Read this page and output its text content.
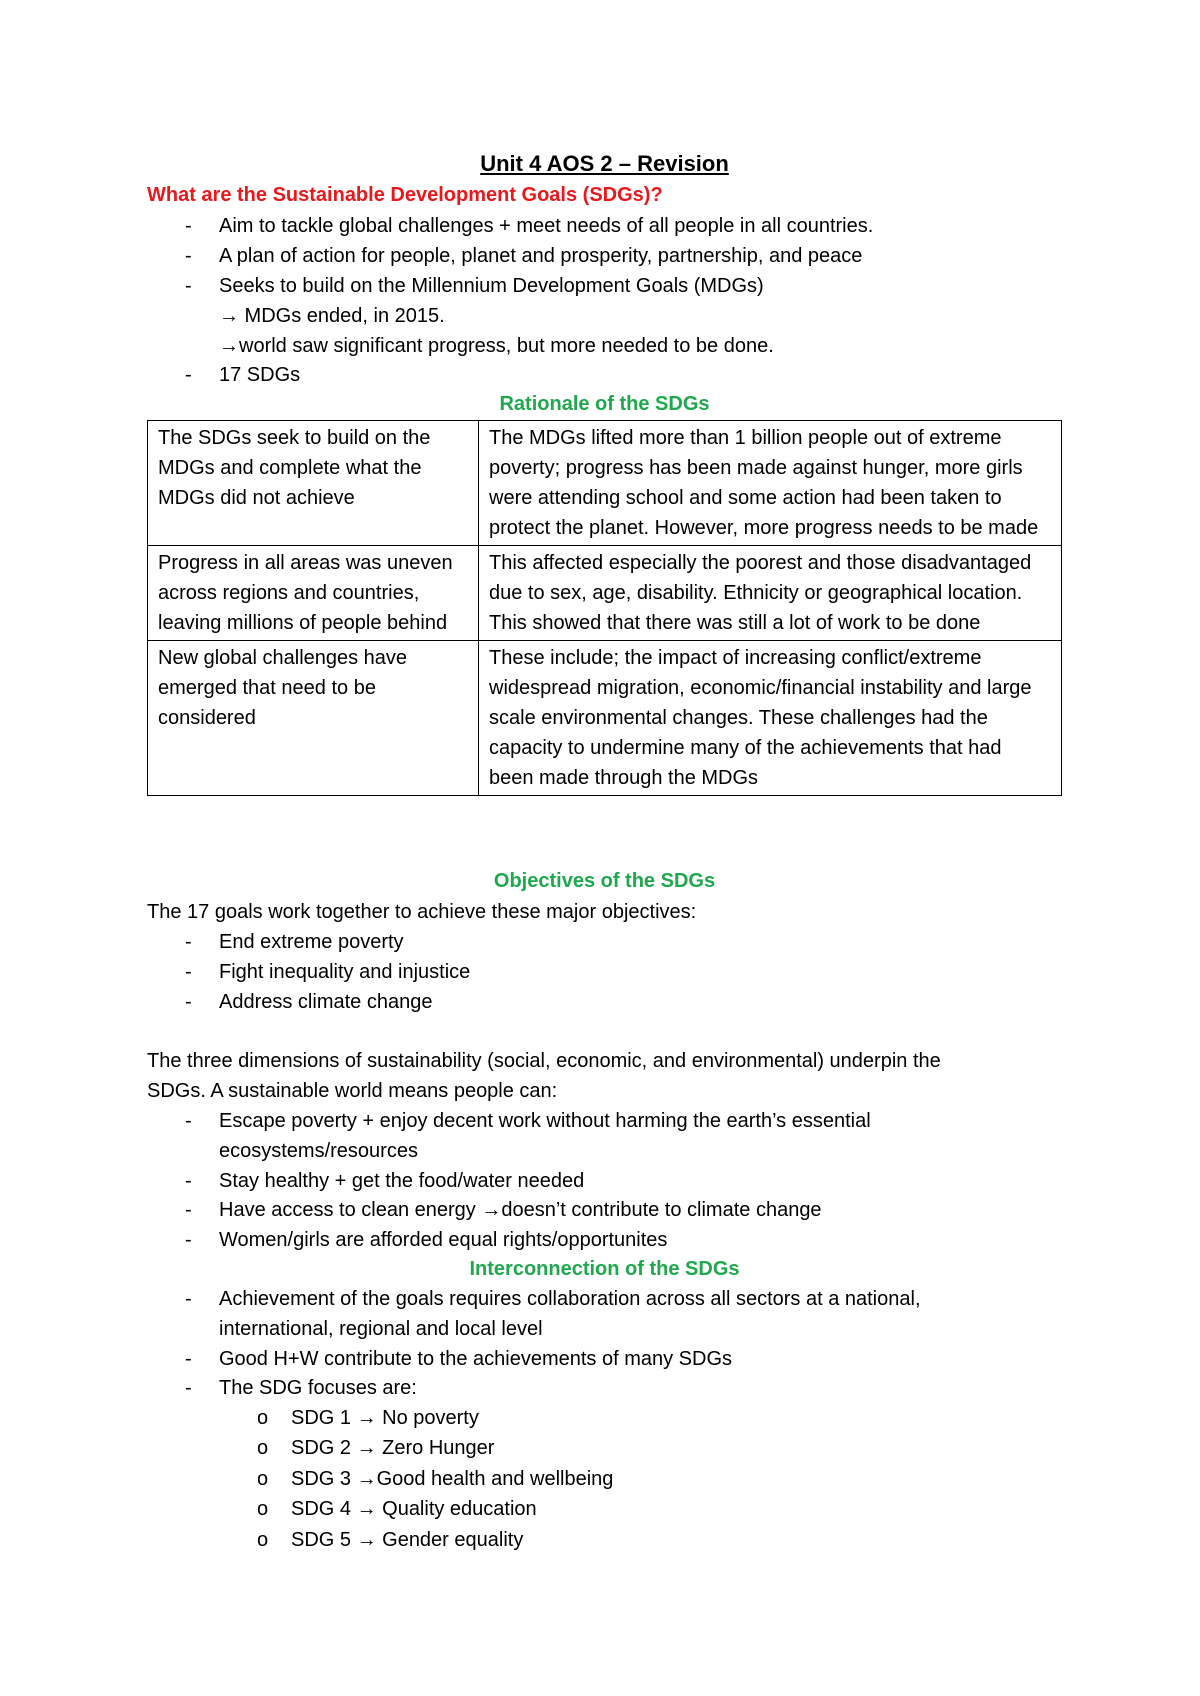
Unit 4 AOS 2 – Revision
What are the Sustainable Development Goals (SDGs)?
- Aim to tackle global challenges + meet needs of all people in all countries.
- A plan of action for people, planet and prosperity, partnership, and peace
- Seeks to build on the Millennium Development Goals (MDGs)
→ MDGs ended, in 2015.
→world saw significant progress, but more needed to be done.
- 17 SDGs
Rationale of the SDGs
The SDGs seek to build on the MDGs and complete what the MDGs did not achieve	The MDGs lifted more than 1 billion people out of extreme poverty; progress has been made against hunger, more girls were attending school and some action had been taken to protect the planet. However, more progress needs to be made
Progress in all areas was uneven across regions and countries, leaving millions of people behind	This affected especially the poorest and those disadvantaged due to sex, age, disability. Ethnicity or geographical location. This showed that there was still a lot of work to be done
New global challenges have emerged that need to be considered	These include; the impact of increasing conflict/extreme widespread migration, economic/financial instability and large scale environmental changes. These challenges had the capacity to undermine many of the achievements that had been made through the MDGs
Objectives of the SDGs
The 17 goals work together to achieve these major objectives:
- End extreme poverty
- Fight inequality and injustice
- Address climate change
The three dimensions of sustainability (social, economic, and environmental) underpin the
SDGs. A sustainable world means people can:
- Escape poverty + enjoy decent work without harming the earth’s essential
ecosystems/resources
- Stay healthy + get the food/water needed
- Have access to clean energy →doesn’t contribute to climate change
- Women/girls are afforded equal rights/opportunites
Interconnection of the SDGs
- Achievement of the goals requires collaboration across all sectors at a national,
international, regional and local level
- Good H+W contribute to the achievements of many SDGs
- The SDG focuses are:
o SDG 1 → No poverty
o SDG 2 → Zero Hunger
o SDG 3 →Good health and wellbeing
o SDG 4 → Quality education
o SDG 5 → Gender equality
